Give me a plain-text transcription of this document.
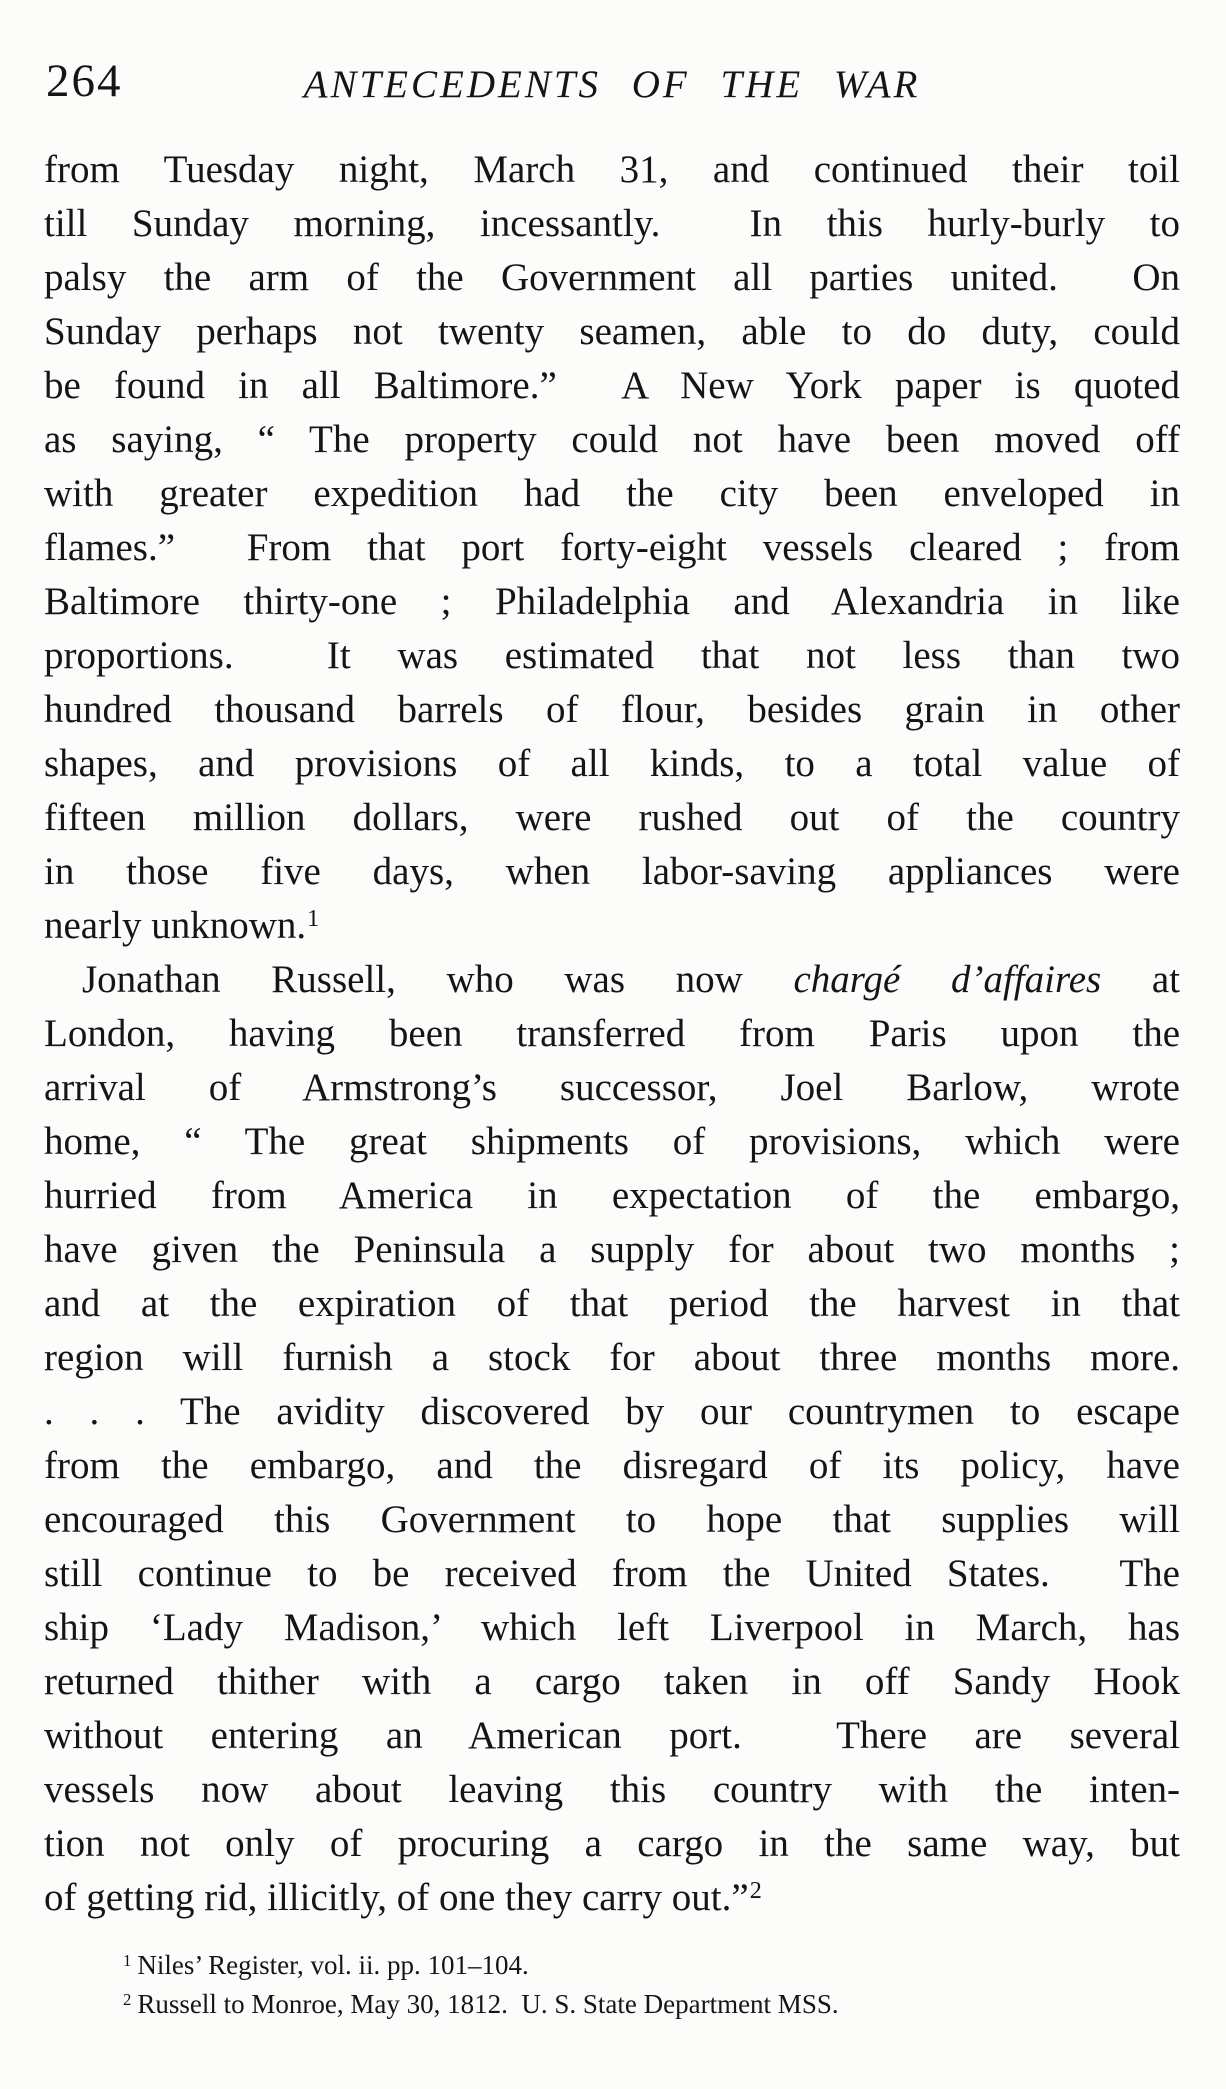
264	ANTECEDENTS OF THE WAR
from Tuesday night, March 31, and continued their toil
till Sunday morning, incessantly.  In this hurly-burly to
palsy the arm of the Government all parties united.  On
Sunday perhaps not twenty seamen, able to do duty, could
be found in all Baltimore.”  A New York paper is quoted
as saying, “ The property could not have been moved off
with greater expedition had the city been enveloped in
flames.”  From that port forty-eight vessels cleared ; from
Baltimore thirty-one ; Philadelphia and Alexandria in like
proportions.  It was estimated that not less than two
hundred thousand barrels of flour, besides grain in other
shapes, and provisions of all kinds, to a total value of
fifteen million dollars, were rushed out of the country
in those five days, when labor-saving appliances were
nearly unknown.$^1$
Jonathan Russell, who was now chargé d’affaires at
London, having been transferred from Paris upon the
arrival of Armstrong’s successor, Joel Barlow, wrote
home, “ The great shipments of provisions, which were
hurried from America in expectation of the embargo,
have given the Peninsula a supply for about two months ;
and at the expiration of that period the harvest in that
region will furnish a stock for about three months more.
. . . The avidity discovered by our countrymen to escape
from the embargo, and the disregard of its policy, have
encouraged this Government to hope that supplies will
still continue to be received from the United States.  The
ship ‘Lady Madison,’ which left Liverpool in March, has
returned thither with a cargo taken in off Sandy Hook
without entering an American port.  There are several
vessels now about leaving this country with the inten-
tion not only of procuring a cargo in the same way, but
of getting rid, illicitly, of one they carry out.”$^2$
$^1$ Niles’ Register, vol. ii. pp. 101–104.
$^2$ Russell to Monroe, May 30, 1812.  U. S. State Department MSS.
